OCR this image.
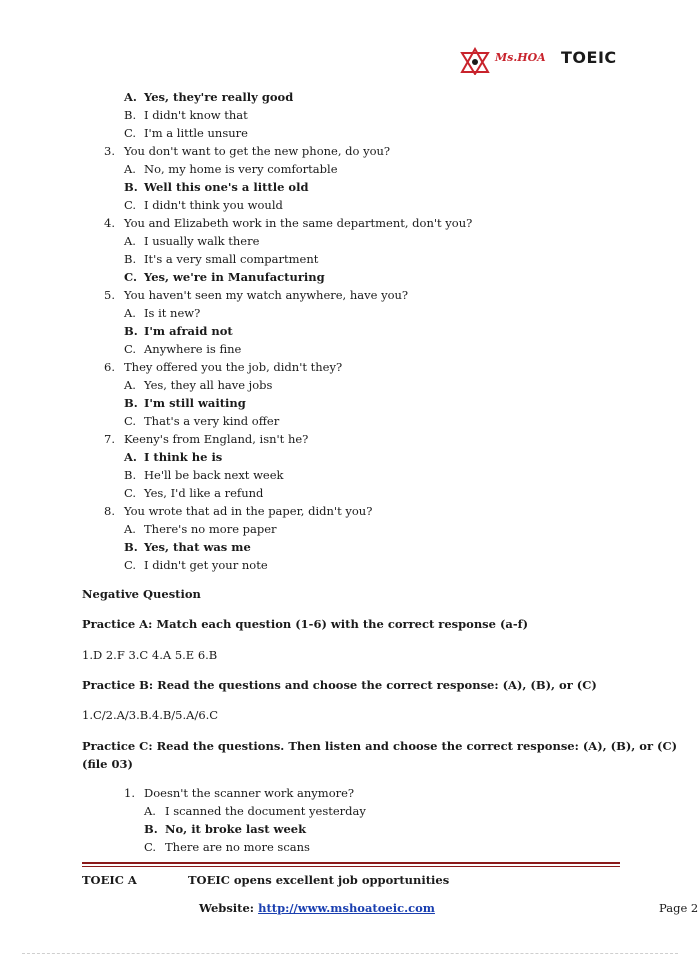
Ms.HOA TOEIC
A. Yes, they're really good
B. I didn't know that
C. I'm a little unsure
3. You don't want to get the new phone, do you?
A. No, my home is very comfortable
B. Well this one's a little old
C. I didn't think you would
4. You and Elizabeth work in the same department, don't you?
A. I usually walk there
B. It's a very small compartment
C. Yes, we're in Manufacturing
5. You haven't seen my watch anywhere, have you?
A. Is it new?
B. I'm afraid not
C. Anywhere is fine
6. They offered you the job, didn't they?
A. Yes, they all have jobs
B. I'm still waiting
C. That's a very kind offer
7. Keeny's from England, isn't he?
A. I think he is
B. He'll be back next week
C. Yes, I'd like a refund
8. You wrote that ad in the paper, didn't you?
A. There's no more paper
B. Yes, that was me
C. I didn't get your note
Negative Question
Practice A: Match each question (1-6) with the correct response (a-f)
1.D 2.F 3.C 4.A 5.E 6.B
Practice B: Read the questions and choose the correct response: (A), (B), or (C)
1.C/2.A/3.B.4.B/5.A/6.C
Practice C: Read the questions. Then listen and choose the correct response: (A), (B), or (C)
(file 03)
1. Doesn't the scanner work anymore?
A. I scanned the document yesterday
B. No, it broke last week
C. There are no more scans
TOEIC A	TOEIC opens excellent job opportunities
Website: http://www.mshoatoeic.com	Page 2
